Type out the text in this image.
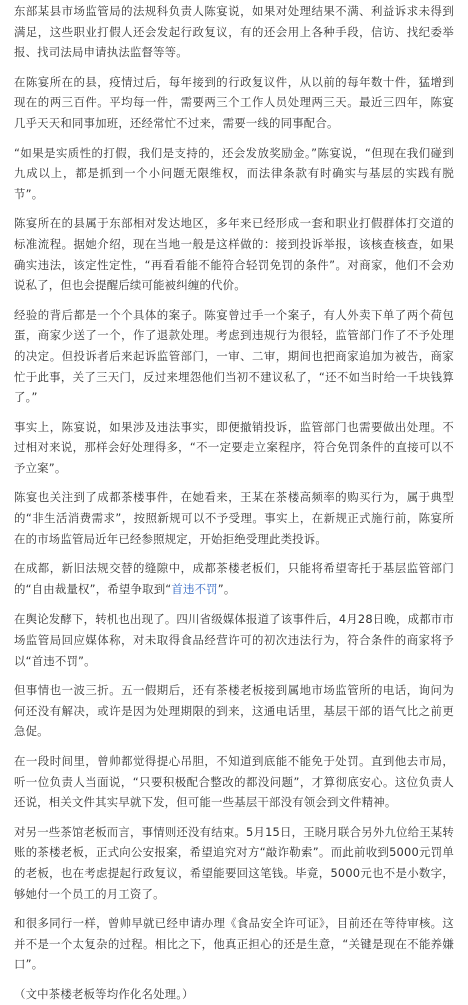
东部某县市场监管局的法规科负责人陈宴说，如果对处理结果不满、利益诉求未得到满足，这些职业打假人还会发起行政复议，有的还会用上各种手段，信访、找纪委举报、找司法局申请执法监督等等。

在陈宴所在的县，疫情过后，每年接到的行政复议件，从以前的每年数十件，猛增到现在的两三百件。平均每一件，需要两三个工作人员处理两三天。最近三四年，陈宴几乎天天和同事加班，还经常忙不过来，需要一线的同事配合。

“如果是实质性的打假，我们是支持的，还会发放奖励金。”陈宴说，“但现在我们碰到九成以上，都是抓到一个小问题无限维权，而法律条款有时确实与基层的实践有脱节”。

陈宴所在的县属于东部相对发达地区，多年来已经形成一套和职业打假群体打交道的标准流程。据她介绍，现在当地一般是这样做的：接到投诉举报，该核查核查，如果确实违法，该定性定性，“再看看能不能符合轻罚免罚的条件”。对商家，他们不会劝说私了，但也会提醒后续可能被纠缠的代价。

经验的背后都是一个个具体的案子。陈宴曾过手一个案子，有人外卖下单了两个荷包蛋，商家少送了一个，作了退款处理。考虑到违规行为很轻，监管部门作了不予处理的决定。但投诉者后来起诉监管部门，一审、二审，期间也把商家追加为被告，商家忙于此事，关了三天门，反过来埋怨他们当初不建议私了，“还不如当时给一千块钱算了。”

事实上，陈宴说，如果涉及违法事实，即便撤销投诉，监管部门也需要做出处理。不过相对来说，那样会好处理得多，“不一定要走立案程序，符合免罚条件的直接可以不予立案”。

陈宴也关注到了成都茶楼事件，在她看来，王某在茶楼高频率的购买行为，属于典型的“非生活消费需求”，按照新规可以不予受理。事实上，在新规正式施行前，陈宴所在的市场监管局近年已经参照规定，开始拒绝受理此类投诉。

在成都，新旧法规交替的缝隙中，成都茶楼老板们，只能将希望寄托于基层监管部门的“自由裁量权”，希望争取到“首违不罚”。

在舆论发酵下，转机也出现了。四川省级媒体报道了该事件后，4月28日晚，成都市市场监管局回应媒体称，对未取得食品经营许可的初次违法行为，符合条件的商家将予以“首违不罚”。

但事情也一波三折。五一假期后，还有茶楼老板接到属地市场监管所的电话，询问为何还没有解决，或许是因为处理期限的到来，这通电话里，基层干部的语气比之前更急促。

在一段时间里，曾帅都觉得提心吊胆，不知道到底能不能免于处罚。直到他去市局，听一位负责人当面说，“只要积极配合整改的都没问题”，才算彻底安心。这位负责人还说，相关文件其实早就下发，但可能一些基层干部没有领会到文件精神。

对另一些茶馆老板而言，事情则还没有结束。5月15日，王晓月联合另外九位给王某转账的茶楼老板，正式向公安报案，希望追究对方“敲诈勒索”。而此前收到5000元罚单的老板，也在考虑提起行政复议，希望能要回这笔钱。毕竟，5000元也不是小数字，够她付一个员工的月工资了。

和很多同行一样，曾帅早就已经申请办理《食品安全许可证》，目前还在等待审核。这并不是一个太复杂的过程。相比之下，他真正担心的还是生意，“关键是现在不能养嫌口”。

（文中茶楼老板等均作化名处理。）
